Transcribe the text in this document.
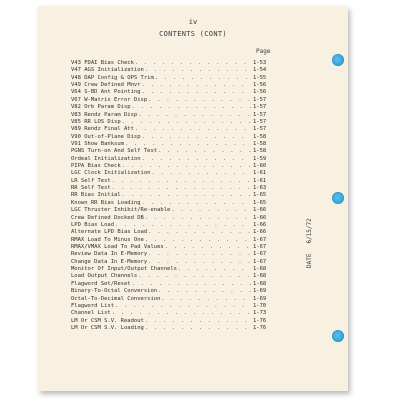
iv
CONTENTS (CONT)
Page
V43 FDAI Bias Check . . .	1-53
V47 AGS Initialization . . .	1-54
V48 DAP Config & OPS Trim . . .	1-55
V49 Crew Defined Mnvr . . .	1-56
V64 S-BD Ant Pointing . . .	1-56
V67 W-Matrix Error Disp . . .	1-57
V82 Orb Param Disp . . .	1-57
V83 Rendz Param Disp . . .	1-57
V85 RR LOS Disp . . .	1-57
V89 Rendz Final Att . . .	1-57
V90 Out-of-Plane Disp . . .	1-58
V91 Show Banksum . . .	1-58
PGNS Turn-on And Self Test . . .	1-58
Ordeal Initialization . . .	1-59
PIPA Bias Check . . .	1-60
LGC Clock Initialization . . .	1-61
LR Self Test . . .	1-61
RR Self Test . . .	1-63
RR Bias Initial . . .	1-65
Known RR Bias Loading . . .	1-65
LGC Thruster Inhibit/Re-enable . . .	1-66
Crew Defined Docked DB . . .	1-66
LPD Bias Load . . .	1-66
Alternate LPD Bias Load . . .	1-66
RMAX Load To Minus One . . .	1-67
RMAX/VMAX Load To Pad Values . . .	1-67
Review Data In E-Memory . . .	1-67
Change Data In E-Memory . . .	1-67
Monitor Of Input/Output Channels . . .	1-68
Load Output Channels . . .	1-68
Flagword Set/Reset . . .	1-68
Binary-To-Octal Conversion . . .	1-69
Octal-To-Decimal Conversion . . .	1-69
Flagword List . . .	1-70
Channel List . . .	1-73
LM Or CSM S.V. Readout . . .	1-76
LM Or CSM S.V. Loading . . .	1-76
DATE
6/15/72
